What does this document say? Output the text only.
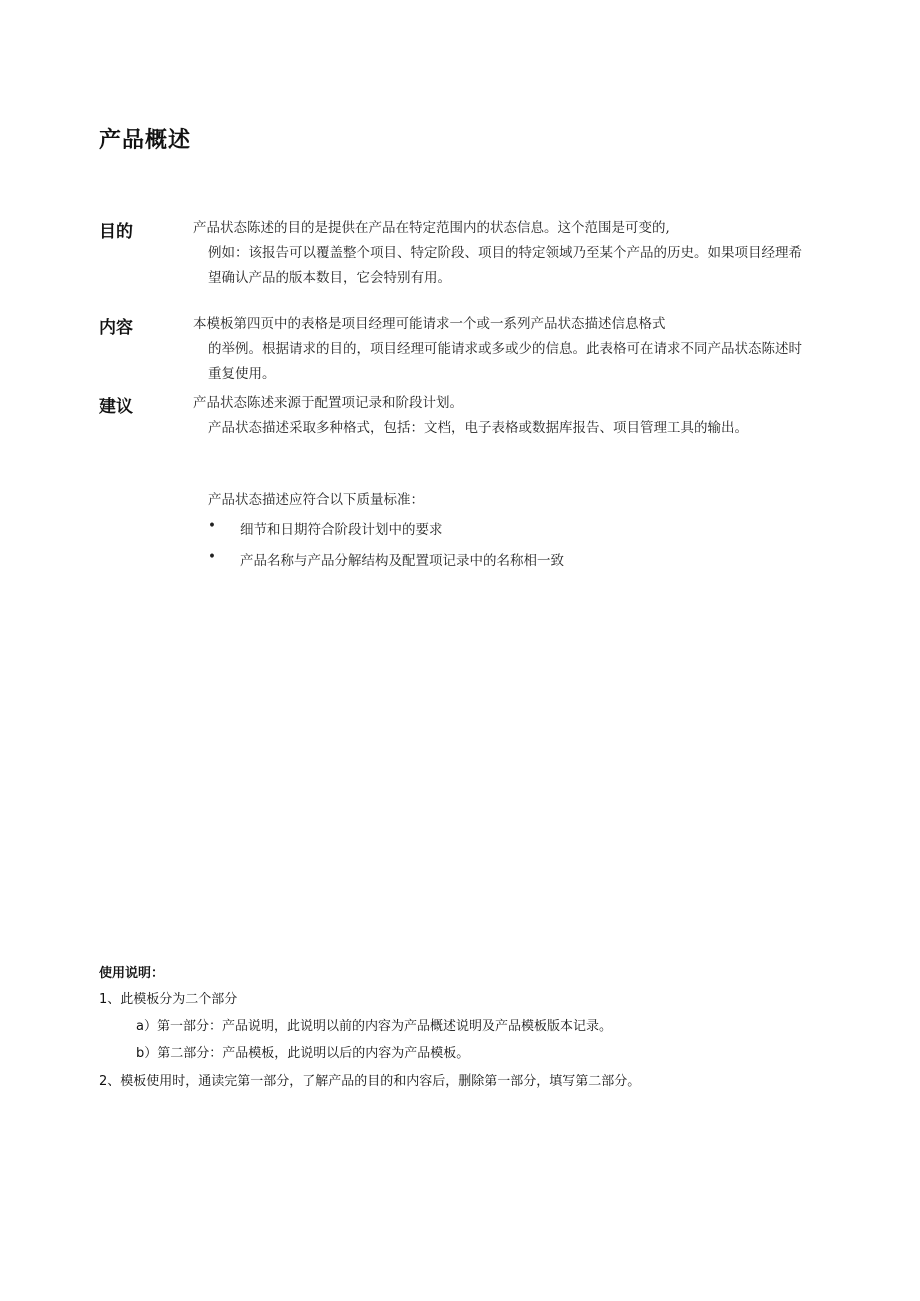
产品概述
目的	产品状态陈述的目的是提供在产品在特定范围内的状态信息。这个范围是可变的,
例如：该报告可以覆盖整个项目、特定阶段、项目的特定领域乃至某个产品的历史。如果项目经理希望确认产品的版本数目，它会特别有用。
内容	本模板第四页中的表格是项目经理可能请求一个或一系列产品状态描述信息格式
的举例。根据请求的目的，项目经理可能请求或多或少的信息。此表格可在请求不同产品状态陈述时重复使用。
建议	产品状态陈述来源于配置项记录和阶段计划。
产品状态描述采取多种格式，包括：文档，电子表格或数据库报告、项目管理工具的输出。
产品状态描述应符合以下质量标准：
• 细节和日期符合阶段计划中的要求
• 产品名称与产品分解结构及配置项记录中的名称相一致
使用说明：
1、此模板分为二个部分
a）第一部分：产品说明，此说明以前的内容为产品概述说明及产品模板版本记录。
b）第二部分：产品模板，此说明以后的内容为产品模板。
2、模板使用时，通读完第一部分，了解产品的目的和内容后，删除第一部分，填写第二部分。
